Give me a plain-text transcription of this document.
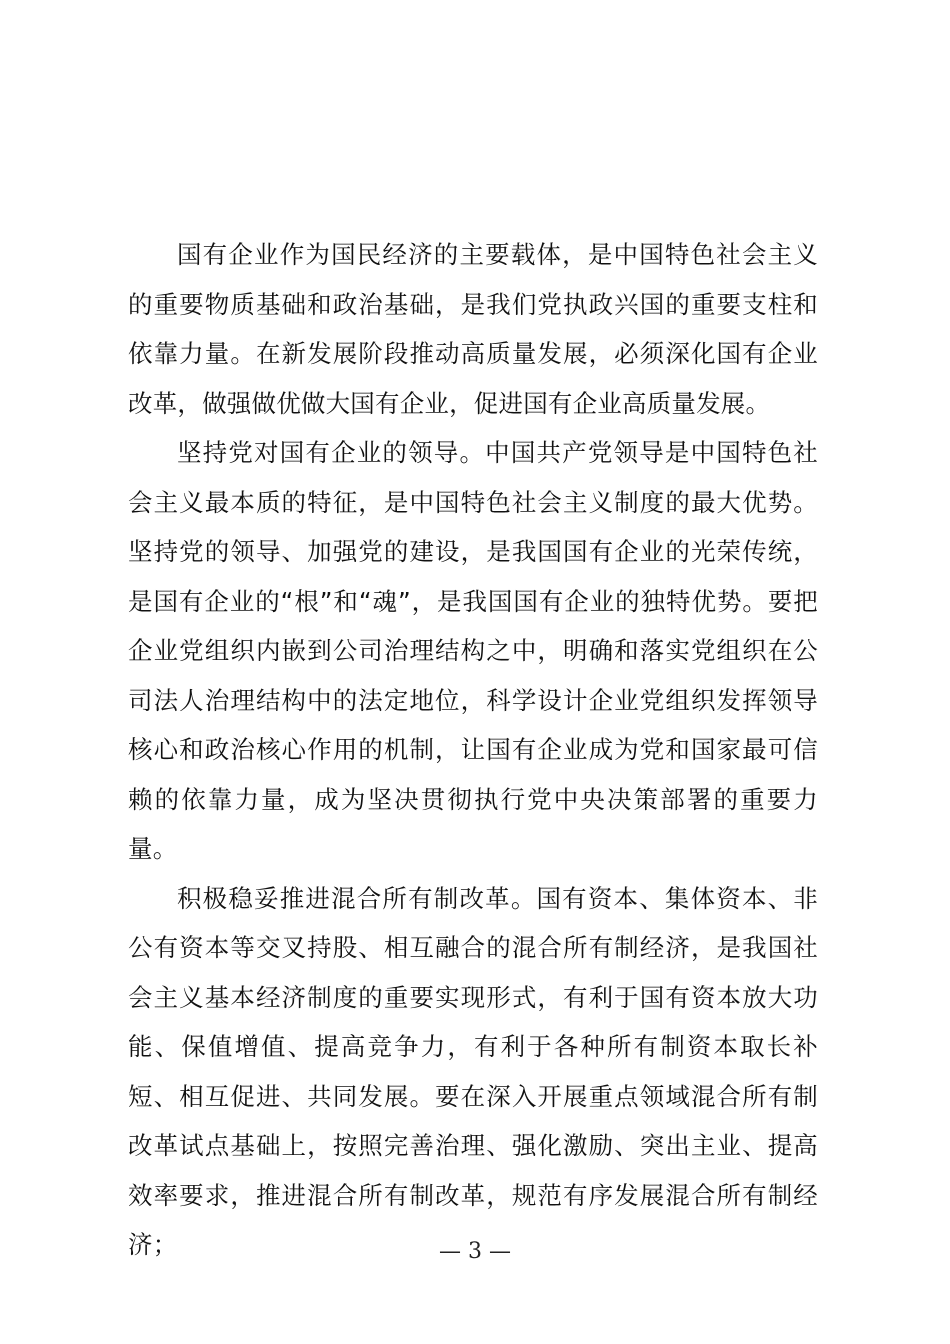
国有企业作为国民经济的主要载体，是中国特色社会主义的重要物质基础和政治基础，是我们党执政兴国的重要支柱和依靠力量。在新发展阶段推动高质量发展，必须深化国有企业改革，做强做优做大国有企业，促进国有企业高质量发展。

坚持党对国有企业的领导。中国共产党领导是中国特色社会主义最本质的特征，是中国特色社会主义制度的最大优势。坚持党的领导、加强党的建设，是我国国有企业的光荣传统，是国有企业的“根”和“魂”，是我国国有企业的独特优势。要把企业党组织内嵌到公司治理结构之中，明确和落实党组织在公司法人治理结构中的法定地位，科学设计企业党组织发挥领导核心和政治核心作用的机制，让国有企业成为党和国家最可信赖的依靠力量，成为坚决贯彻执行党中央决策部署的重要力量。

积极稳妥推进混合所有制改革。国有资本、集体资本、非公有资本等交叉持股、相互融合的混合所有制经济，是我国社会主义基本经济制度的重要实现形式，有利于国有资本放大功能、保值增值、提高竞争力，有利于各种所有制资本取长补短、相互促进、共同发展。要在深入开展重点领域混合所有制改革试点基础上，按照完善治理、强化激励、突出主业、提高效率要求，推进混合所有制改革，规范有序发展混合所有制经济；	— 3 —
